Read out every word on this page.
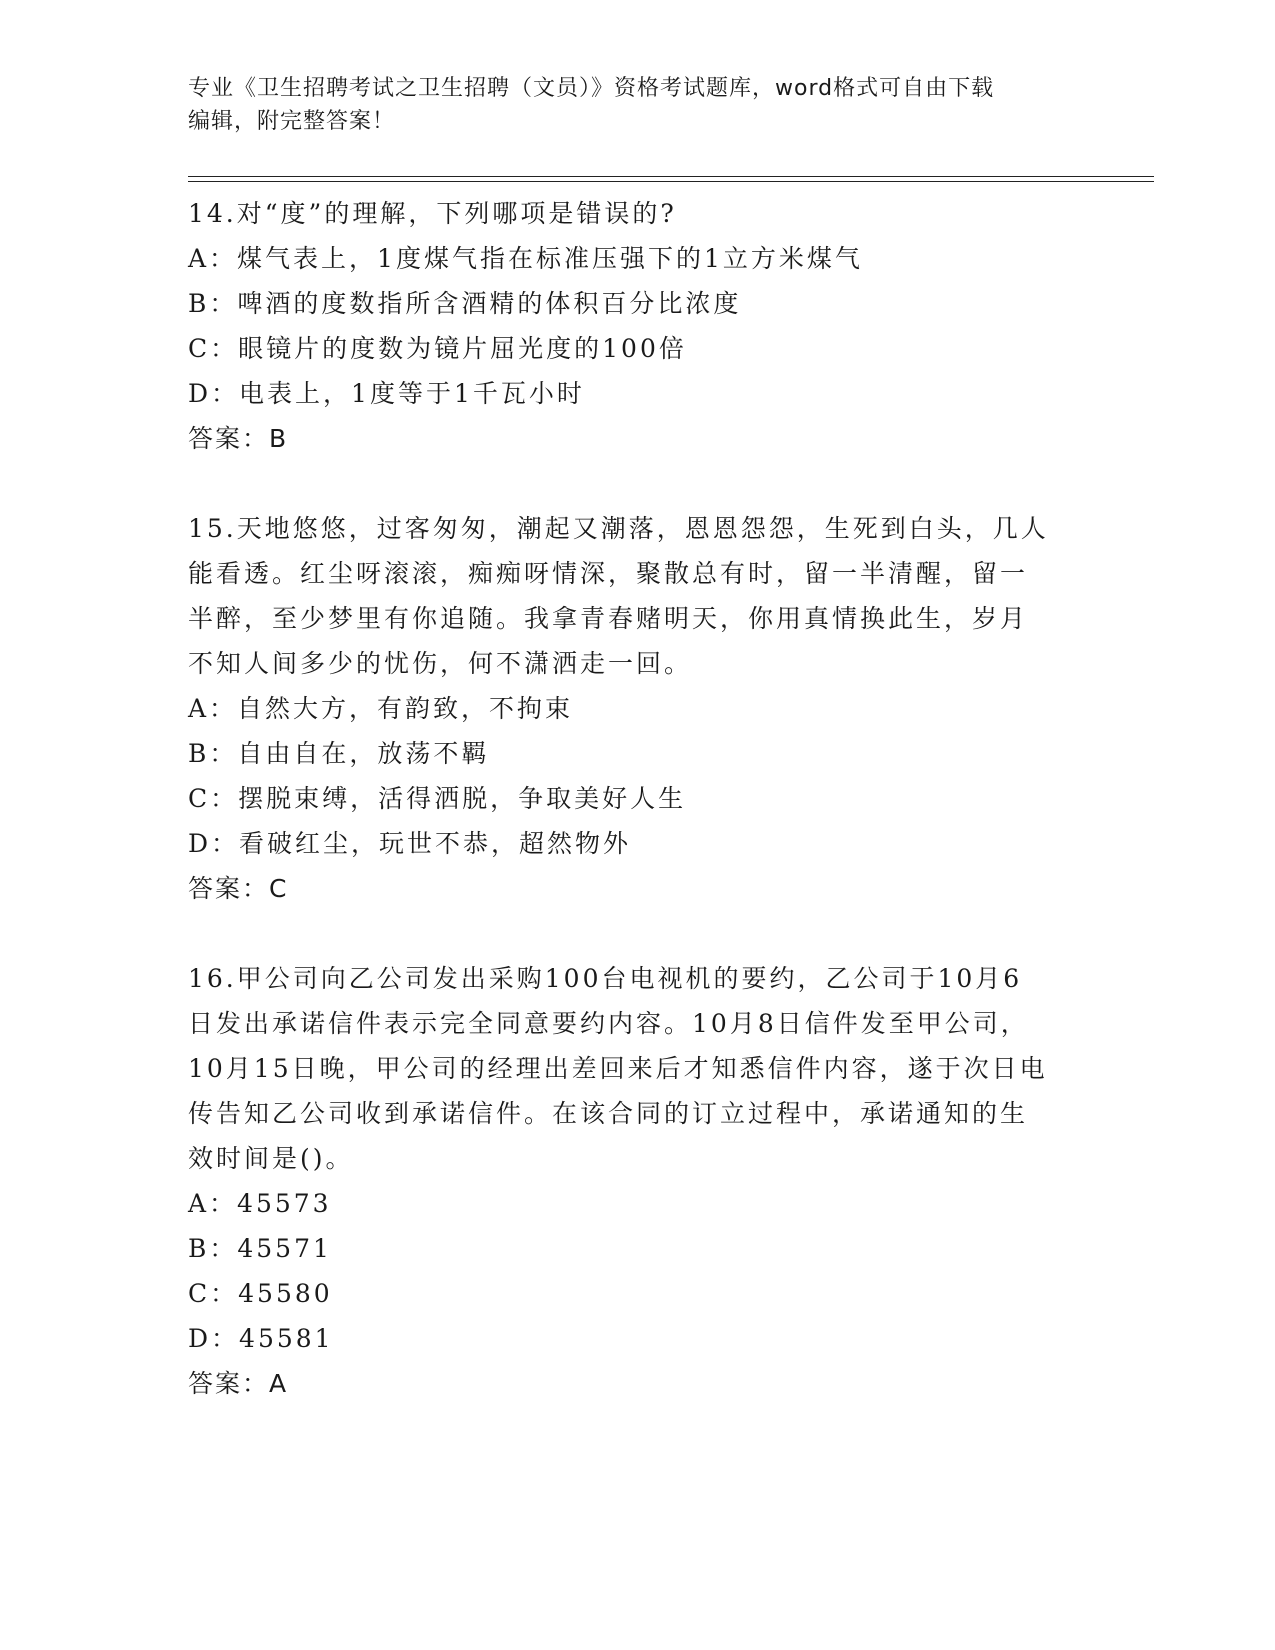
专业《卫生招聘考试之卫生招聘（文员）》资格考试题库，word格式可自由下载
编辑，附完整答案！
14.对“度”的理解，下列哪项是错误的?
A：煤气表上，1度煤气指在标准压强下的1立方米煤气
B：啤酒的度数指所含酒精的体积百分比浓度
C：眼镜片的度数为镜片屈光度的100倍
D：电表上，1度等于1千瓦小时
答案：B
15.天地悠悠，过客匆匆，潮起又潮落，恩恩怨怨，生死到白头，几人
能看透。红尘呀滚滚，痴痴呀情深，聚散总有时，留一半清醒，留一
半醉，至少梦里有你追随。我拿青春赌明天，你用真情换此生，岁月
不知人间多少的忧伤，何不潇洒走一回。
A：自然大方，有韵致，不拘束
B：自由自在，放荡不羁
C：摆脱束缚，活得洒脱，争取美好人生
D：看破红尘，玩世不恭，超然物外
答案：C
16.甲公司向乙公司发出采购100台电视机的要约，乙公司于10月6
日发出承诺信件表示完全同意要约内容。10月8日信件发至甲公司，
10月15日晚，甲公司的经理出差回来后才知悉信件内容，遂于次日电
传告知乙公司收到承诺信件。在该合同的订立过程中，承诺通知的生
效时间是()。
A：45573
B：45571
C：45580
D：45581
答案：A
